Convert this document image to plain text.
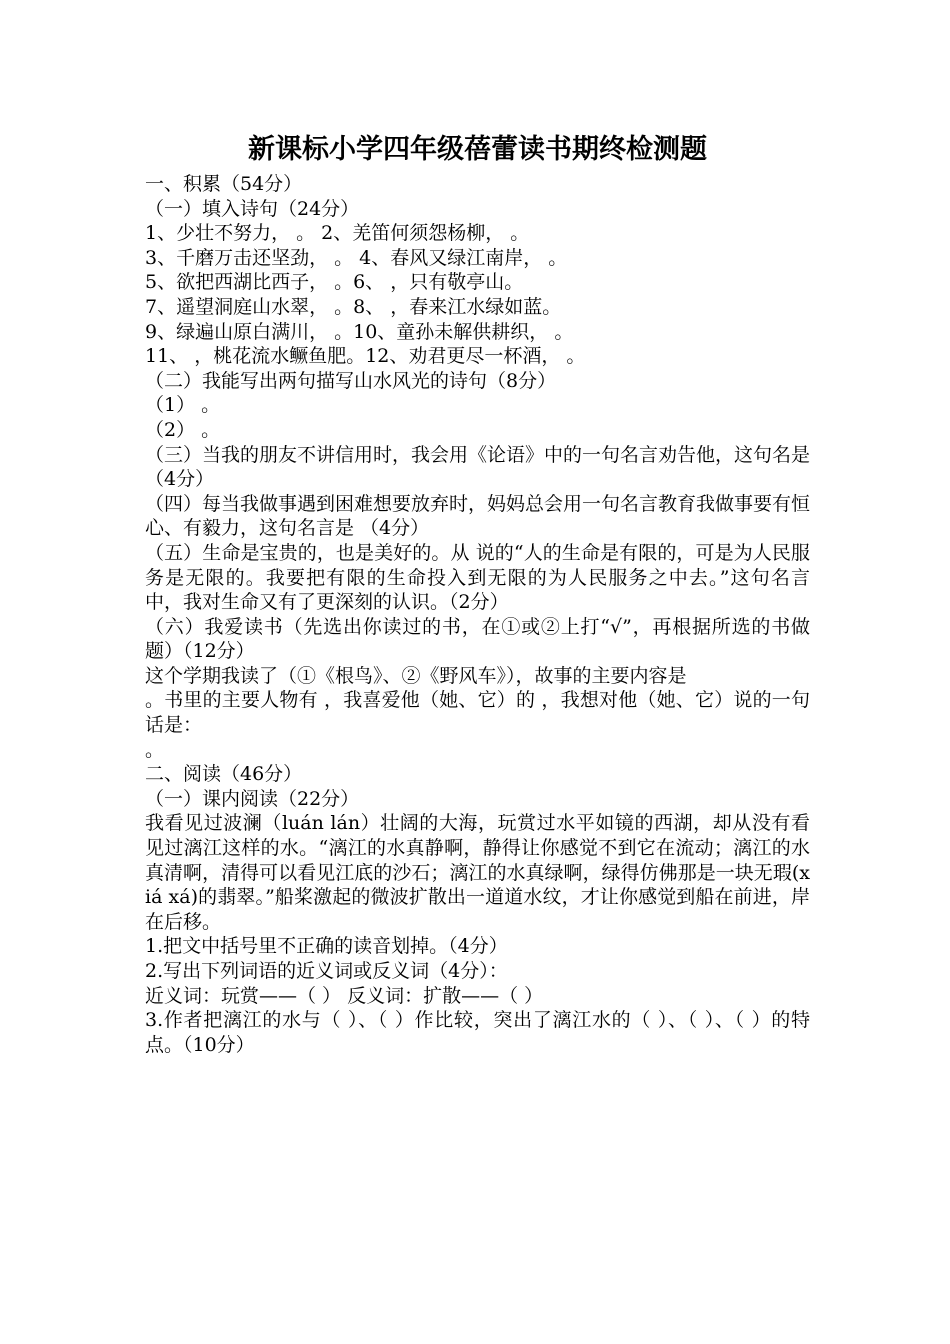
新课标小学四年级蓓蕾读书期终检测题
一、积累（54分）
（一）填入诗句（24分）
1、少壮不努力， 。 2、羌笛何须怨杨柳， 。
3、千磨万击还坚劲， 。 4、春风又绿江南岸， 。
5、欲把西湖比西子， 。6、 ，只有敬亭山。
7、遥望洞庭山水翠， 。8、 ，春来江水绿如蓝。
9、绿遍山原白满川， 。10、童孙未解供耕织， 。
11、 ，桃花流水鳜鱼肥。12、劝君更尽一杯酒， 。
（二）我能写出两句描写山水风光的诗句（8分）
（1） 。
（2） 。
（三）当我的朋友不讲信用时，我会用《论语》中的一句名言劝告他，这句名是
（4分）
（四）每当我做事遇到困难想要放弃时，妈妈总会用一句名言教育我做事要有恒心、有毅力，这句名言是 （4分）
（五）生命是宝贵的，也是美好的。从 说的“人的生命是有限的，可是为人民服务是无限的。我要把有限的生命投入到无限的为人民服务之中去。”这句名言中，我对生命又有了更深刻的认识。（2分）
（六）我爱读书（先选出你读过的书，在①或②上打“√”，再根据所选的书做题）（12分）
这个学期我读了（①《根鸟》、②《野风车》），故事的主要内容是
。书里的主要人物有 ，我喜爱他（她、它）的 ，我想对他（她、它）说的一句话是：
。
二、阅读（46分）
（一）课内阅读（22分）
我看见过波澜（luán lán）壮阔的大海，玩赏过水平如镜的西湖，却从没有看见过漓江这样的水。“漓江的水真静啊，静得让你感觉不到它在流动；漓江的水真清啊，清得可以看见江底的沙石；漓江的水真绿啊，绿得仿佛那是一块无瑕(xiá xá)的翡翠。”船桨激起的微波扩散出一道道水纹，才让你感觉到船在前进，岸在后移。
1.把文中括号里不正确的读音划掉。（4分）
2.写出下列词语的近义词或反义词（4分）：
近义词：玩赏——（ ） 反义词：扩散——（ ）
3.作者把漓江的水与（ ）、（ ）作比较，突出了漓江水的（ ）、（ ）、（ ）的特点。（10分）
